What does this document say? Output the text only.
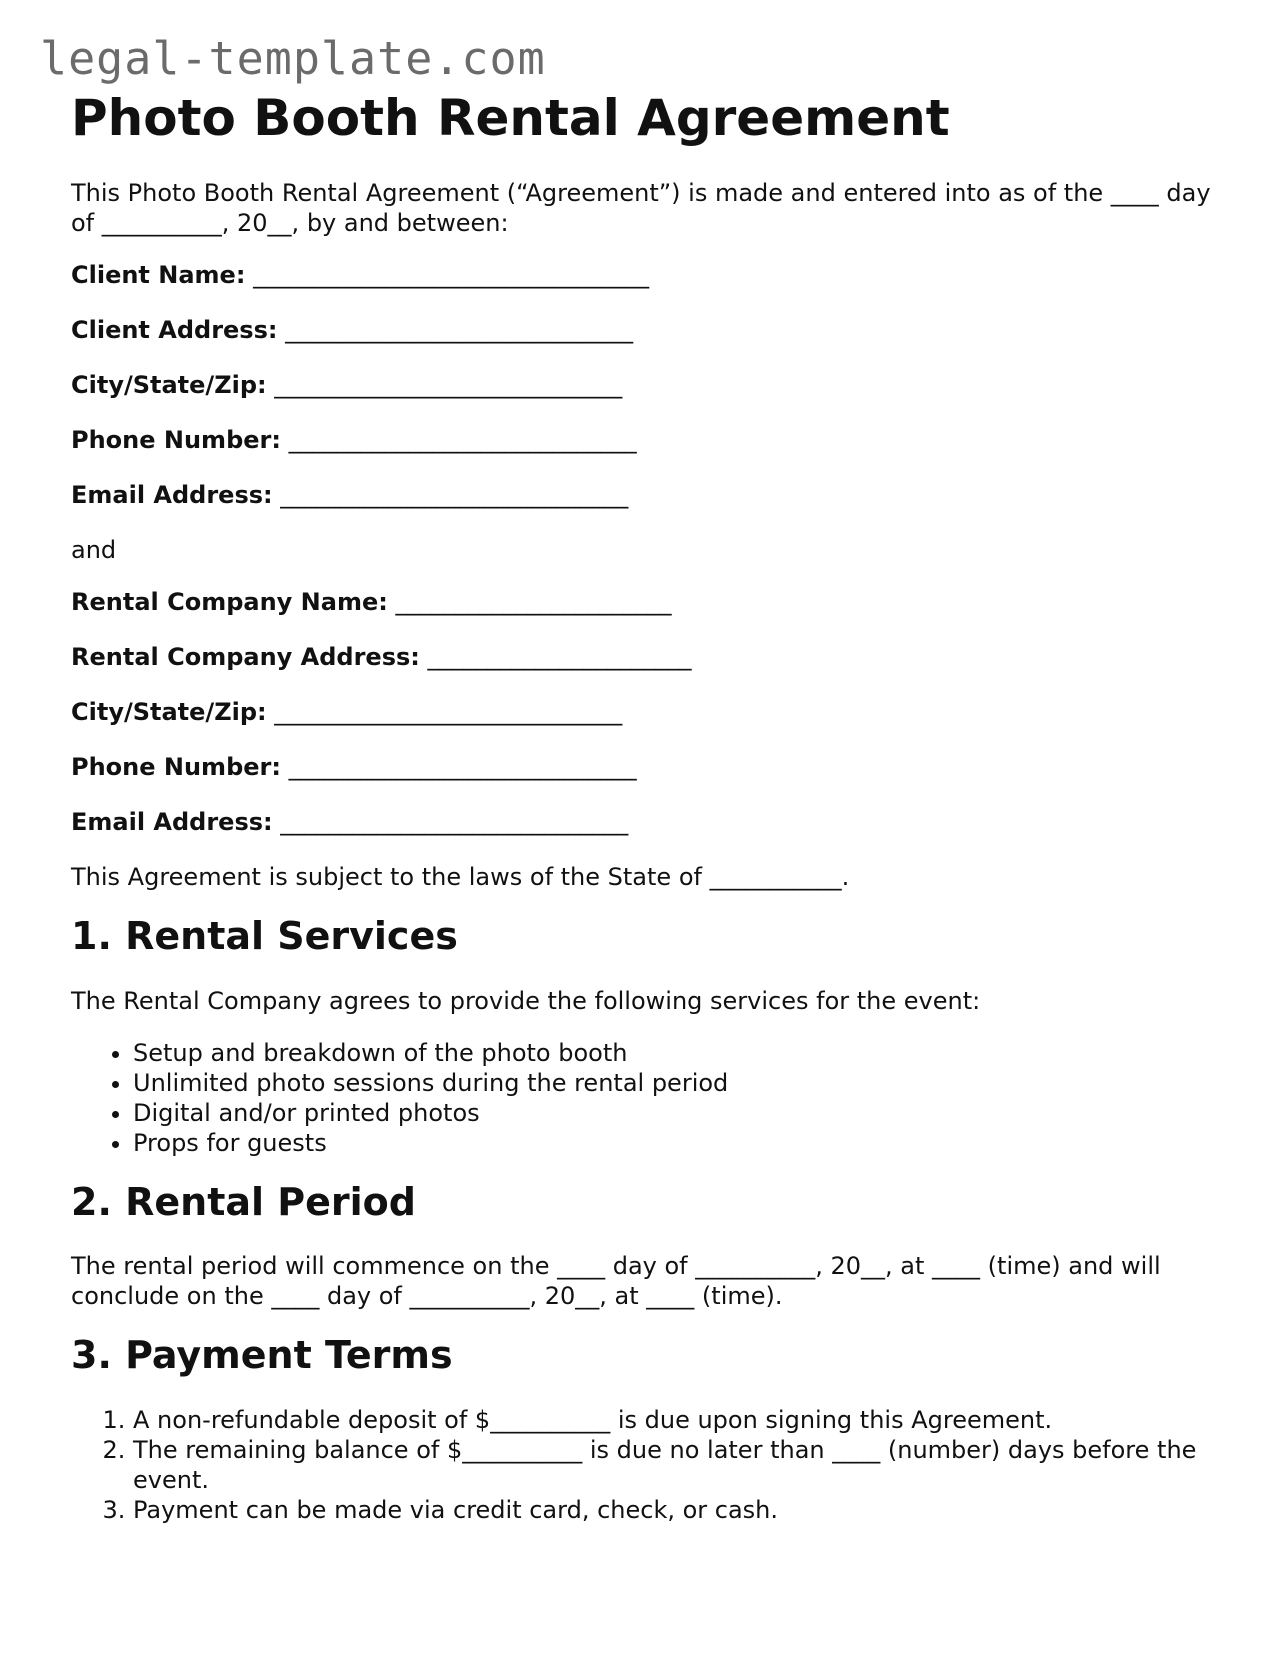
legal-template.com
Photo Booth Rental Agreement

This Photo Booth Rental Agreement (“Agreement”) is made and entered into as of the ____ day of __________, 20__, by and between:

Client Name: _________________________________
Client Address: _____________________________
City/State/Zip: _____________________________
Phone Number: _____________________________
Email Address: _____________________________

and

Rental Company Name: _______________________
Rental Company Address: ______________________
City/State/Zip: _____________________________
Phone Number: _____________________________
Email Address: _____________________________

This Agreement is subject to the laws of the State of ___________.

1. Rental Services

The Rental Company agrees to provide the following services for the event:

• Setup and breakdown of the photo booth
• Unlimited photo sessions during the rental period
• Digital and/or printed photos
• Props for guests
2. Rental Period

The rental period will commence on the ____ day of __________, 20__, at ____ (time) and will conclude on the ____ day of __________, 20__, at ____ (time).

3. Payment Terms
1. A non-refundable deposit of $__________ is due upon signing this Agreement.
2. The remaining balance of $__________ is due no later than ____ (number) days before the event.
3. Payment can be made via credit card, check, or cash.
